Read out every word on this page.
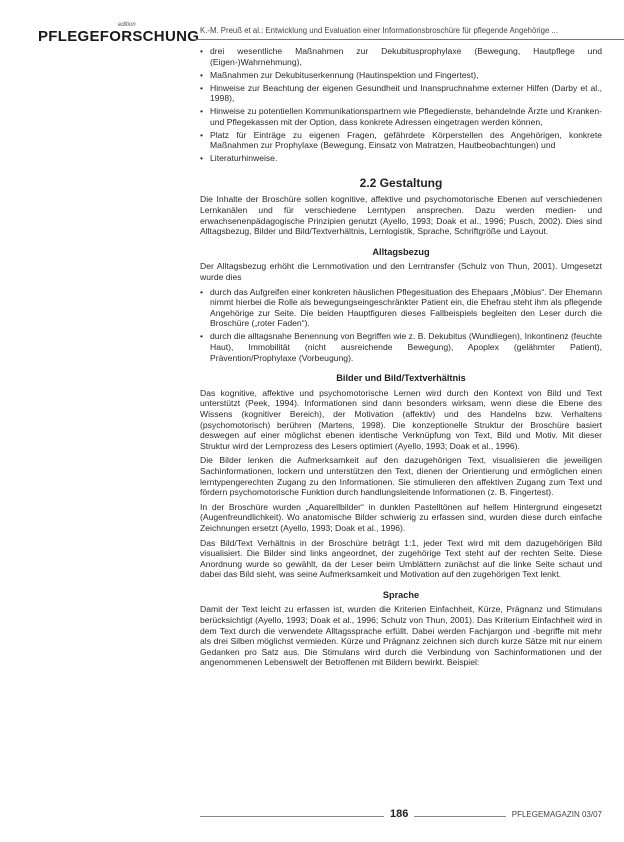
edition
PFLEGEFORSCHUNG K.-M. Preuß et al.: Entwicklung und Evaluation einer Informationsbroschüre für pflegende Angehörige ...
• drei wesentliche Maßnahmen zur Dekubitusprophylaxe (Bewegung, Hautpflege und (Eigen-)Wahrnehmung),
• Maßnahmen zur Dekubituserkennung (Hautinspektion und Fingertest),
• Hinweise zur Beachtung der eigenen Gesundheit und Inanspruchnahme externer Hilfen (Darby et al., 1998),
• Hinweise zu potentiellen Kommunikationspartnern wie Pflegedienste, behandelnde Ärzte und Kranken- und Pflegekassen mit der Option, dass konkrete Adressen eingetragen werden können,
• Platz für Einträge zu eigenen Fragen, gefährdete Körperstellen des Angehörigen, konkrete Maßnahmen zur Prophylaxe (Bewegung, Einsatz von Matratzen, Hautbeobachtungen) und
• Literaturhinweise.
2.2 Gestaltung

Die Inhalte der Broschüre sollen kognitive, affektive und psychomotorische Ebenen auf verschiedenen Lernkanälen und für verschiedene Lerntypen ansprechen. Dazu werden medien- und erwachsenenpädagogische Prinzipien genutzt (Ayello, 1993; Doak et al., 1996; Pusch, 2002). Dies sind Alltagsbezug, Bilder und Bild/Textverhältnis, Lernlogistik, Sprache, Schriftgröße und Layout.

Alltagsbezug

Der Alltagsbezug erhöht die Lernmotivation und den Lerntransfer (Schulz von Thun, 2001). Umgesetzt wurde dies

• durch das Aufgreifen einer konkreten häuslichen Pflegesituation des Ehepaars „Möbius“. Der Ehemann nimmt hierbei die Rolle als bewegungseingeschränkter Patient ein, die Ehefrau steht ihm als pflegende Angehörige zur Seite. Die beiden Hauptfiguren dieses Fallbeispiels begleiten den Leser durch die Broschüre („roter Faden“).
• durch die alltagsnahe Benennung von Begriffen wie z. B. Dekubitus (Wundliegen), Inkontinenz (feuchte Haut), Immobilität (nicht ausreichende Bewegung), Apoplex (gelähmter Patient), Prävention/Prophylaxe (Vorbeugung).
Bilder und Bild/Textverhältnis

Das kognitive, affektive und psychomotorische Lernen wird durch den Kontext von Bild und Text unterstützt (Peek, 1994). Informationen sind dann besonders wirksam, wenn diese die Ebene des Wissens (kognitiver Bereich), der Motivation (affektiv) und des Handelns bzw. Verhaltens (psychomotorisch) berühren (Martens, 1998). Die konzeptionelle Struktur der Broschüre basiert deswegen auf einer möglichst ebenen identische Verknüpfung von Text, Bild und Motiv. Mit dieser Struktur wird der Lernprozess des Lesers optimiert (Ayello, 1993; Doak et al., 1996).

Die Bilder lenken die Aufmerksamkeit auf den dazugehörigen Text, visualisieren die jeweiligen Sachinformationen, lockern und unterstützen den Text, dienen der Orientierung und ermöglichen einen lerntypengerechten Zugang zu den Informationen. Sie stimulieren den affektiven Zugang zum Text und fördern psychomotorische Funktion durch handlungsleitende Informationen (z. B. Fingertest).

In der Broschüre wurden „Aquarellbilder“ in dunklen Pastelltönen auf hellem Hintergrund eingesetzt (Augenfreundlichkeit). Wo anatomische Bilder schwierig zu erfassen sind, wurden diese durch einfache Zeichnungen ersetzt (Ayello, 1993; Doak et al., 1996).

Das Bild/Text Verhältnis in der Broschüre beträgt 1:1, jeder Text wird mit dem dazugehörigen Bild visualisiert. Die Bilder sind links angeordnet, der zugehörige Text steht auf der rechten Seite. Diese Anordnung wurde so gewählt, da der Leser beim Umblättern zunächst auf die linke Seite schaut und dabei das Bild sieht, was seine Aufmerksamkeit und Motivation auf den zugehörigen Text lenkt.

Sprache

Damit der Text leicht zu erfassen ist, wurden die Kriterien Einfachheit, Kürze, Prägnanz und Stimulans berücksichtigt (Ayello, 1993; Doak et al., 1996; Schulz von Thun, 2001). Das Kriterium Einfachheit wird in dem Text durch die verwendete Alltagssprache erfüllt. Dabei werden Fachjargon und -begriffe mit mehr als drei Silben möglichst vermieden. Kürze und Prägnanz zeichnen sich durch kurze Sätze mit nur einem Gedanken pro Satz aus. Die Stimulans wird durch die Verbindung von Sachinformationen und der angenommenen Lebenswelt der Betroffenen mit Bildern bewirkt. Beispiel:

186	PFLEGEMAGAZIN 03/07
